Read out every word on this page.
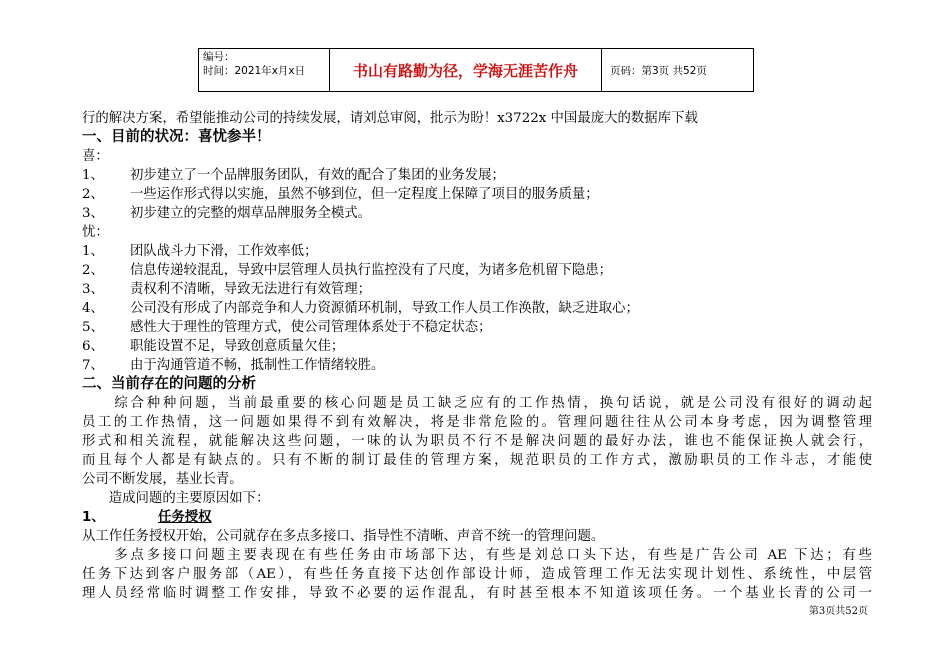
编号：
时间：2021年x月x日	书山有路勤为径，学海无涯苦作舟	页码：第3页 共52页
行的解决方案，希望能推动公司的持续发展，请刘总审阅，批示为盼！x3722x 中国最庞大的数据库下载
一、目前的状况：喜忧参半！
喜：
1、	初步建立了一个品牌服务团队，有效的配合了集团的业务发展；
2、	一些运作形式得以实施，虽然不够到位，但一定程度上保障了项目的服务质量；
3、	初步建立的完整的烟草品牌服务全模式。
忧：
1、	团队战斗力下滑，工作效率低；
2、	信息传递较混乱，导致中层管理人员执行监控没有了尺度，为诸多危机留下隐患；
3、	责权利不清晰，导致无法进行有效管理；
4、	公司没有形成了内部竞争和人力资源循环机制，导致工作人员工作涣散，缺乏进取心；
5、	感性大于理性的管理方式，使公司管理体系处于不稳定状态；
6、	职能设置不足，导致创意质量欠佳；
7、	由于沟通管道不畅，抵制性工作情绪较胜。
二、当前存在的问题的分析
　　综合种种问题，当前最重要的核心问题是员工缺乏应有的工作热情，换句话说，就是公司没有很好的调动起
员工的工作热情，这一问题如果得不到有效解决，将是非常危险的。管理问题往往从公司本身考虑，因为调整管理
形式和相关流程，就能解决这些问题，一味的认为职员不行不是解决问题的最好办法，谁也不能保证换人就会行，
而且每个人都是有缺点的。只有不断的制订最佳的管理方案，规范职员的工作方式，激励职员的工作斗志，才能使
公司不断发展，基业长青。
　　造成问题的主要原因如下：
1、	任务授权
从工作任务授权开始，公司就存在多点多接口、指导性不清晰、声音不统一的管理问题。
　　多点多接口问题主要表现在有些任务由市场部下达，有些是刘总口头下达，有些是广告公司 AE 下达；有些
任务下达到客户服务部（AE），有些任务直接下达创作部设计师，造成管理工作无法实现计划性、系统性，中层管
理人员经常临时调整工作安排，导致不必要的运作混乱，有时甚至根本不知道该项任务。一个基业长青的公司一
第3页共52页
